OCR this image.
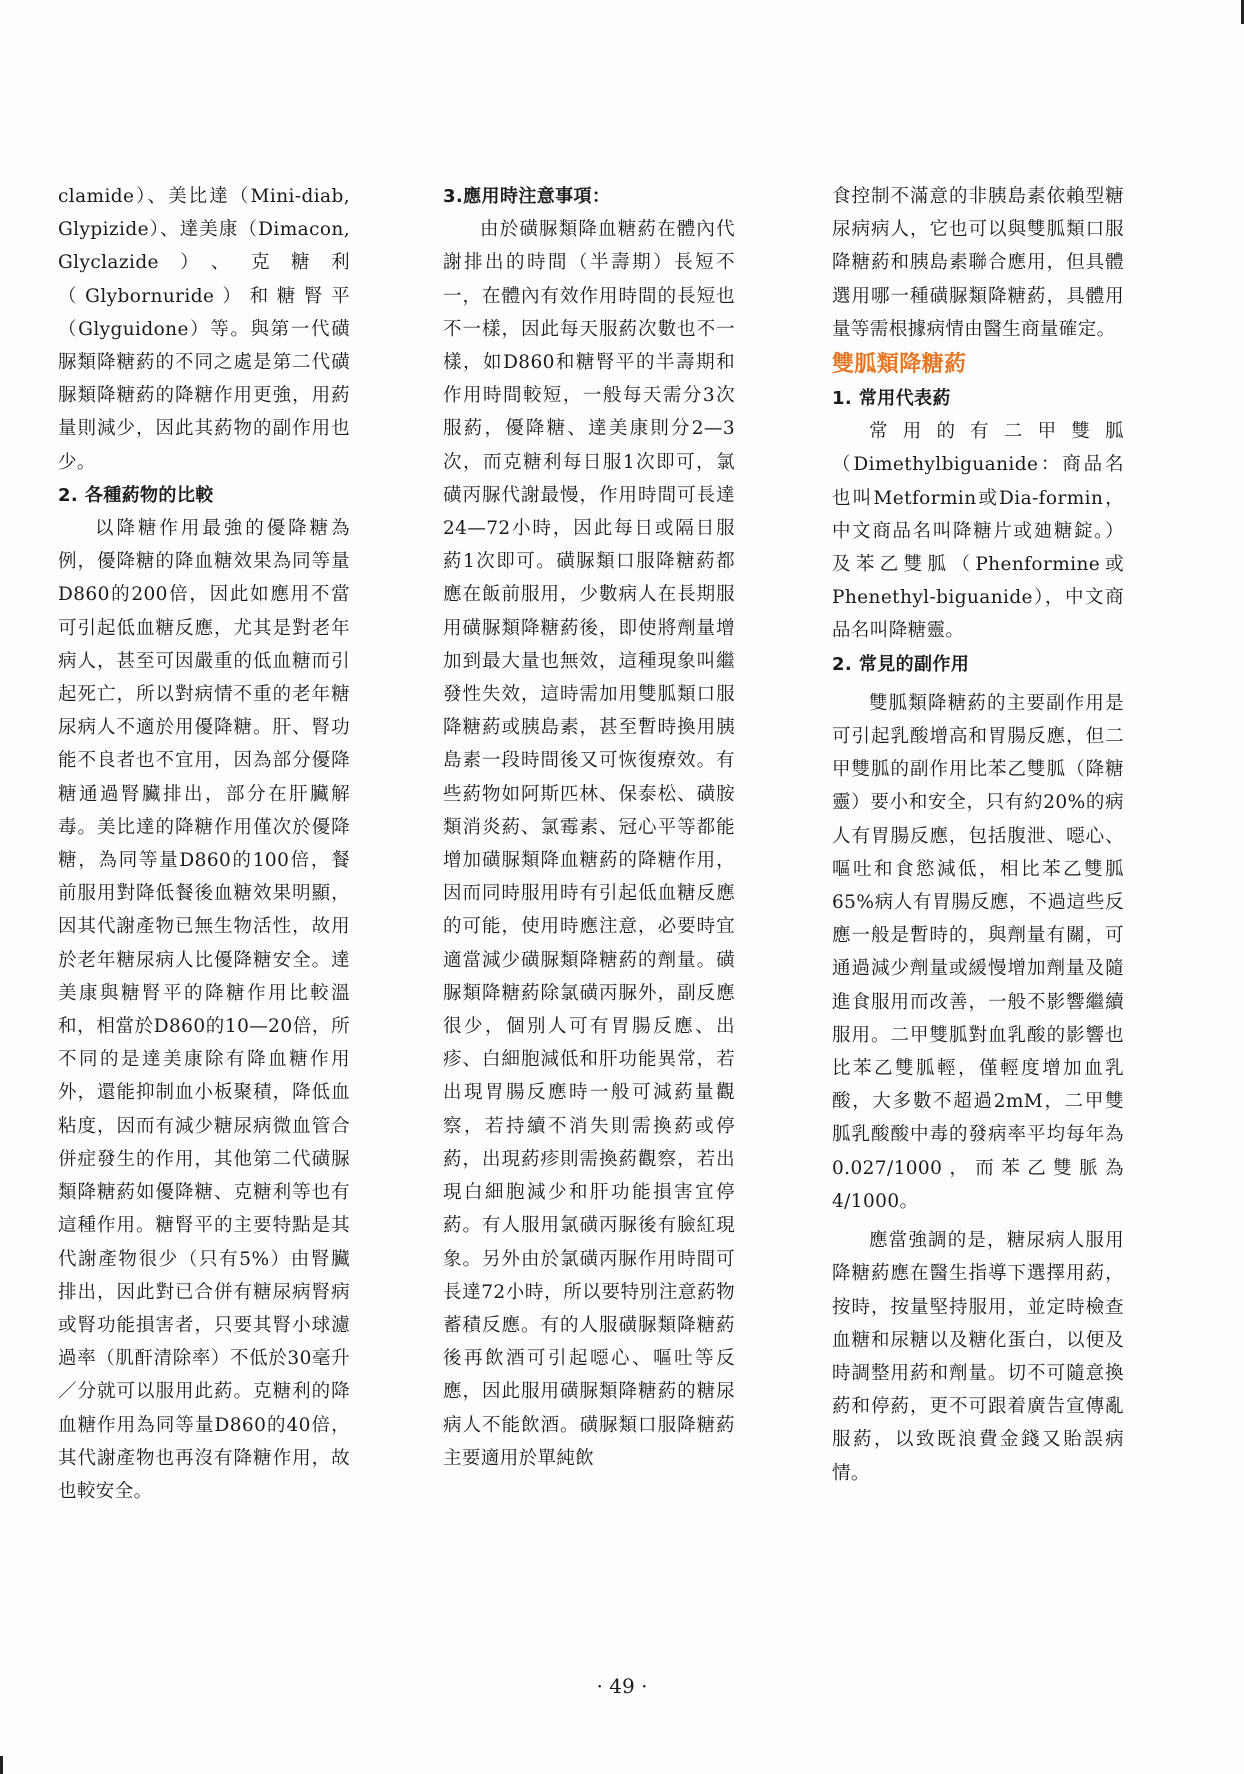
clamide）、美比達（Mini-diab, Glypizide）、達美康（Dimacon, Glyclazide）、克糖利（Glybornuride）和糖腎平（Glyguidone）等。與第一代磺脲類降糖葯的不同之處是第二代磺脲類降糖葯的降糖作用更強，用葯量則減少，因此其葯物的副作用也少。

2. 各種葯物的比較

以降糖作用最強的優降糖為例，優降糖的降血糖效果為同等量D860的200倍，因此如應用不當可引起低血糖反應，尤其是對老年病人，甚至可因嚴重的低血糖而引起死亡，所以對病情不重的老年糖尿病人不適於用優降糖。肝、腎功能不良者也不宜用，因為部分優降糖通過腎臟排出，部分在肝臟解毒。美比達的降糖作用僅次於優降糖，為同等量D860的100倍，餐前服用對降低餐後血糖效果明顯，因其代謝產物已無生物活性，故用於老年糖尿病人比優降糖安全。達美康與糖腎平的降糖作用比較溫和，相當於D860的10—20倍，所不同的是達美康除有降血糖作用外，還能抑制血小板聚積，降低血粘度，因而有減少糖尿病微血管合併症發生的作用，其他第二代磺脲類降糖葯如優降糖、克糖利等也有這種作用。糖腎平的主要特點是其代謝產物很少（只有5%）由腎臟排出，因此對已合併有糖尿病腎病或腎功能損害者，只要其腎小球濾過率（肌酐清除率）不低於30毫升／分就可以服用此葯。克糖利的降血糖作用為同等量D860的40倍，其代謝產物也再沒有降糖作用，故也較安全。

3.應用時注意事項：

由於磺脲類降血糖葯在體內代謝排出的時間（半壽期）長短不一，在體內有效作用時間的長短也不一樣，因此每天服葯次數也不一樣，如D860和糖腎平的半壽期和作用時間較短，一般每天需分3次服葯，優降糖、達美康則分2—3次，而克糖利每日服1次即可，氯磺丙脲代謝最慢，作用時間可長達24—72小時，因此每日或隔日服葯1次即可。磺脲類口服降糖葯都應在飯前服用，少數病人在長期服用磺脲類降糖葯後，即使將劑量增加到最大量也無效，這種現象叫繼發性失效，這時需加用雙胍類口服降糖葯或胰島素，甚至暫時換用胰島素一段時間後又可恢復療效。有些葯物如阿斯匹林、保泰松、磺胺類消炎葯、氯霉素、冠心平等都能增加磺脲類降血糖葯的降糖作用，因而同時服用時有引起低血糖反應的可能，使用時應注意，必要時宜適當減少磺脲類降糖葯的劑量。磺脲類降糖葯除氯磺丙脲外，副反應很少，個別人可有胃腸反應、出疹、白細胞減低和肝功能異常，若出現胃腸反應時一般可減葯量觀察，若持續不消失則需換葯或停葯，出現葯疹則需換葯觀察，若出現白細胞減少和肝功能損害宜停葯。有人服用氯磺丙脲後有臉紅現象。另外由於氯磺丙脲作用時間可長達72小時，所以要特別注意葯物蓄積反應。有的人服磺脲類降糖葯後再飲酒可引起噁心、嘔吐等反應，因此服用磺脲類降糖葯的糖尿病人不能飲酒。磺脲類口服降糖葯主要適用於單純飲

食控制不滿意的非胰島素依賴型糖尿病病人，它也可以與雙胍類口服降糖葯和胰島素聯合應用，但具體選用哪一種磺脲類降糖葯，具體用量等需根據病情由醫生商量確定。

雙胍類降糖葯
1. 常用代表葯

常用的有二甲雙胍（Dimethylbiguanide：商品名也叫Metformin或Dia-formin，中文商品名叫降糖片或廸糖錠。）及苯乙雙胍（Phenformine或Phenethyl-biguanide），中文商品名叫降糖靈。

2. 常見的副作用

雙胍類降糖葯的主要副作用是可引起乳酸增高和胃腸反應，但二甲雙胍的副作用比苯乙雙胍（降糖靈）要小和安全，只有約20%的病人有胃腸反應，包括腹泄、噁心、嘔吐和食慾減低，相比苯乙雙胍65%病人有胃腸反應，不過這些反應一般是暫時的，與劑量有關，可通過減少劑量或緩慢增加劑量及隨進食服用而改善，一般不影響繼續服用。二甲雙胍對血乳酸的影響也比苯乙雙胍輕，僅輕度增加血乳酸，大多數不超過2mM，二甲雙胍乳酸酸中毒的發病率平均每年為0.027/1000，而苯乙雙脈為4/1000。

應當強調的是，糖尿病人服用降糖葯應在醫生指導下選擇用葯，按時，按量堅持服用，並定時檢查血糖和尿糖以及糖化蛋白，以便及時調整用葯和劑量。切不可隨意換葯和停葯，更不可跟着廣告宣傳亂服葯，以致既浪費金錢又貽誤病情。

· 49 ·
